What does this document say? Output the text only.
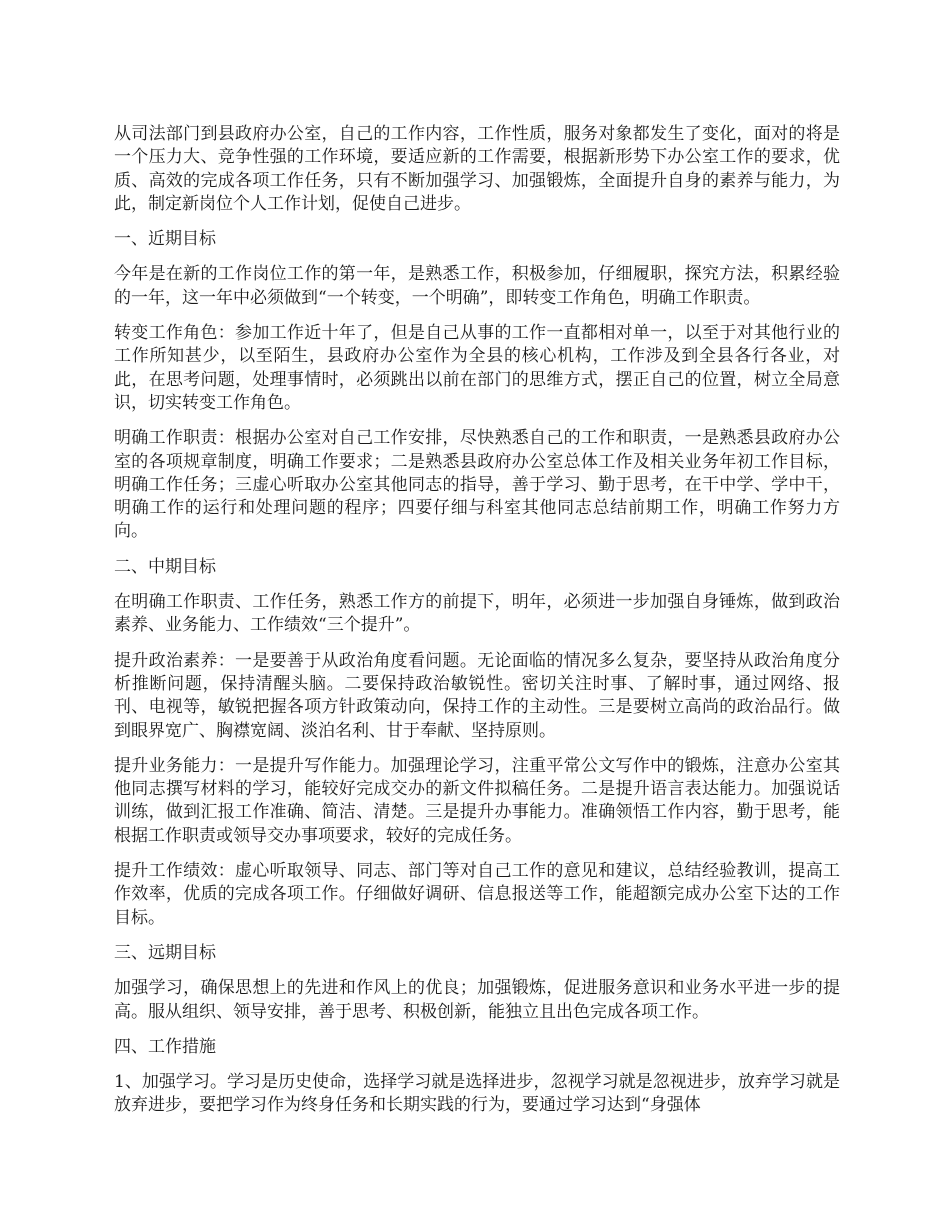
从司法部门到县政府办公室，自己的工作内容，工作性质，服务对象都发生了变化，面对的将是一个压力大、竞争性强的工作环境，要适应新的工作需要，根据新形势下办公室工作的要求，优质、高效的完成各项工作任务，只有不断加强学习、加强锻炼，全面提升自身的素养与能力，为此，制定新岗位个人工作计划，促使自己进步。

一、近期目标

今年是在新的工作岗位工作的第一年，是熟悉工作，积极参加，仔细履职，探究方法，积累经验的一年，这一年中必须做到“一个转变，一个明确”，即转变工作角色，明确工作职责。

转变工作角色：参加工作近十年了，但是自己从事的工作一直都相对单一，以至于对其他行业的工作所知甚少，以至陌生，县政府办公室作为全县的核心机构，工作涉及到全县各行各业，对此，在思考问题，处理事情时，必须跳出以前在部门的思维方式，摆正自己的位置，树立全局意识，切实转变工作角色。

明确工作职责：根据办公室对自己工作安排，尽快熟悉自己的工作和职责，一是熟悉县政府办公室的各项规章制度，明确工作要求；二是熟悉县政府办公室总体工作及相关业务年初工作目标，明确工作任务；三虚心听取办公室其他同志的指导，善于学习、勤于思考，在干中学、学中干，明确工作的运行和处理问题的程序；四要仔细与科室其他同志总结前期工作，明确工作努力方向。

二、中期目标

在明确工作职责、工作任务，熟悉工作方的前提下，明年，必须进一步加强自身锤炼，做到政治素养、业务能力、工作绩效“三个提升”。

提升政治素养：一是要善于从政治角度看问题。无论面临的情况多么复杂，要坚持从政治角度分析推断问题，保持清醒头脑。二要保持政治敏锐性。密切关注时事、了解时事，通过网络、报刊、电视等，敏锐把握各项方针政策动向，保持工作的主动性。三是要树立高尚的政治品行。做到眼界宽广、胸襟宽阔、淡泊名利、甘于奉献、坚持原则。

提升业务能力：一是提升写作能力。加强理论学习，注重平常公文写作中的锻炼，注意办公室其他同志撰写材料的学习，能较好完成交办的新文件拟稿任务。二是提升语言表达能力。加强说话训练，做到汇报工作准确、简洁、清楚。三是提升办事能力。准确领悟工作内容，勤于思考，能根据工作职责或领导交办事项要求，较好的完成任务。

提升工作绩效：虚心听取领导、同志、部门等对自己工作的意见和建议，总结经验教训，提高工作效率，优质的完成各项工作。仔细做好调研、信息报送等工作，能超额完成办公室下达的工作目标。

三、远期目标

加强学习，确保思想上的先进和作风上的优良；加强锻炼，促进服务意识和业务水平进一步的提高。服从组织、领导安排，善于思考、积极创新，能独立且出色完成各项工作。

四、工作措施

1、加强学习。学习是历史使命，选择学习就是选择进步，忽视学习就是忽视进步，放弃学习就是放弃进步，要把学习作为终身任务和长期实践的行为，要通过学习达到“身强体
